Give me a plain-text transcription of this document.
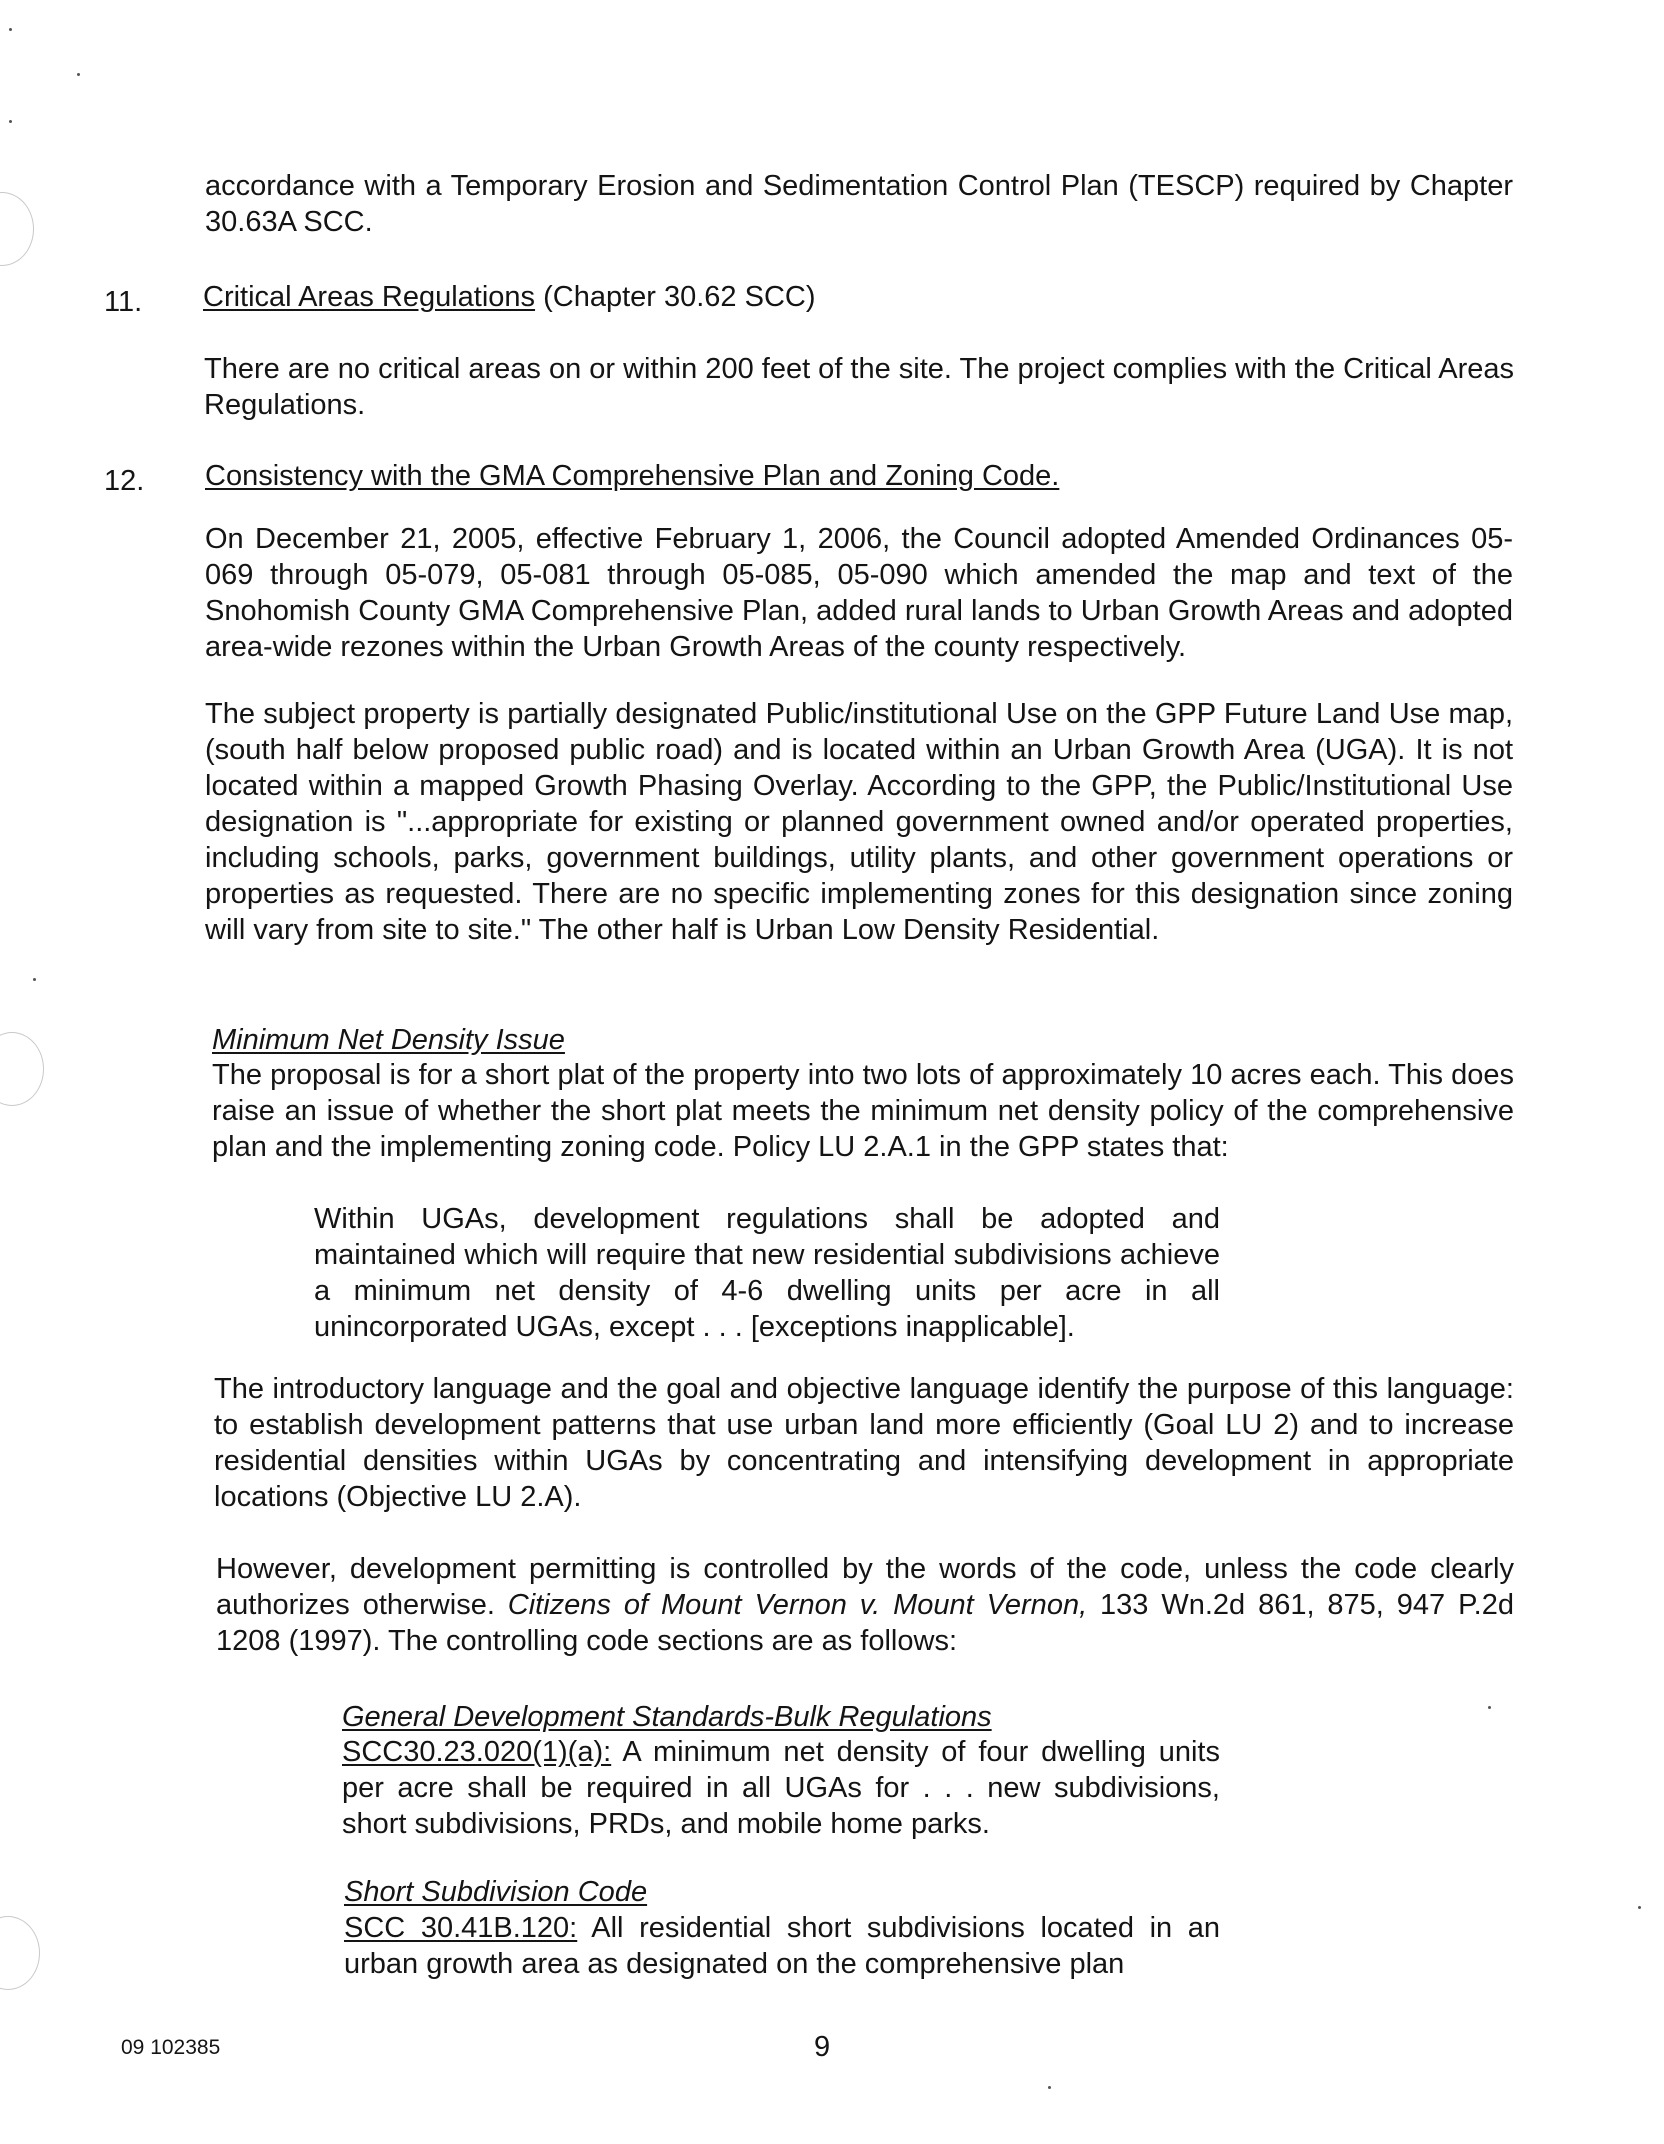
accordance with a Temporary Erosion and Sedimentation Control Plan (TESCP) required by Chapter 30.63A SCC.

11. Critical Areas Regulations (Chapter 30.62 SCC)

There are no critical areas on or within 200 feet of the site. The project complies with the Critical Areas Regulations.

12. Consistency with the GMA Comprehensive Plan and Zoning Code.

On December 21, 2005, effective February 1, 2006, the Council adopted Amended Ordinances 05-069 through 05-079, 05-081 through 05-085, 05-090 which amended the map and text of the Snohomish County GMA Comprehensive Plan, added rural lands to Urban Growth Areas and adopted area-wide rezones within the Urban Growth Areas of the county respectively.

The subject property is partially designated Public/institutional Use on the GPP Future Land Use map,(south half below proposed public road) and is located within an Urban Growth Area (UGA). It is not located within a mapped Growth Phasing Overlay. According to the GPP, the Public/Institutional Use designation is "...appropriate for existing or planned government owned and/or operated properties, including schools, parks, government buildings, utility plants, and other government operations or properties as requested. There are no specific implementing zones for this designation since zoning will vary from site to site." The other half is Urban Low Density Residential.

Minimum Net Density Issue

The proposal is for a short plat of the property into two lots of approximately 10 acres each. This does raise an issue of whether the short plat meets the minimum net density policy of the comprehensive plan and the implementing zoning code. Policy LU 2.A.1 in the GPP states that:

Within UGAs, development regulations shall be adopted and maintained which will require that new residential subdivisions achieve a minimum net density of 4-6 dwelling units per acre in all unincorporated UGAs, except . . . [exceptions inapplicable].

The introductory language and the goal and objective language identify the purpose of this language: to establish development patterns that use urban land more efficiently (Goal LU 2) and to increase residential densities within UGAs by concentrating and intensifying development in appropriate locations (Objective LU 2.A).

However, development permitting is controlled by the words of the code, unless the code clearly authorizes otherwise. Citizens of Mount Vernon v. Mount Vernon, 133 Wn.2d 861, 875, 947 P.2d 1208 (1997). The controlling code sections are as follows:

General Development Standards-Bulk Regulations

SCC30.23.020(1)(a): A minimum net density of four dwelling units per acre shall be required in all UGAs for . . . new subdivisions, short subdivisions, PRDs, and mobile home parks.

Short Subdivision Code

SCC 30.41B.120: All residential short subdivisions located in an urban growth area as designated on the comprehensive plan

09 102385	9
